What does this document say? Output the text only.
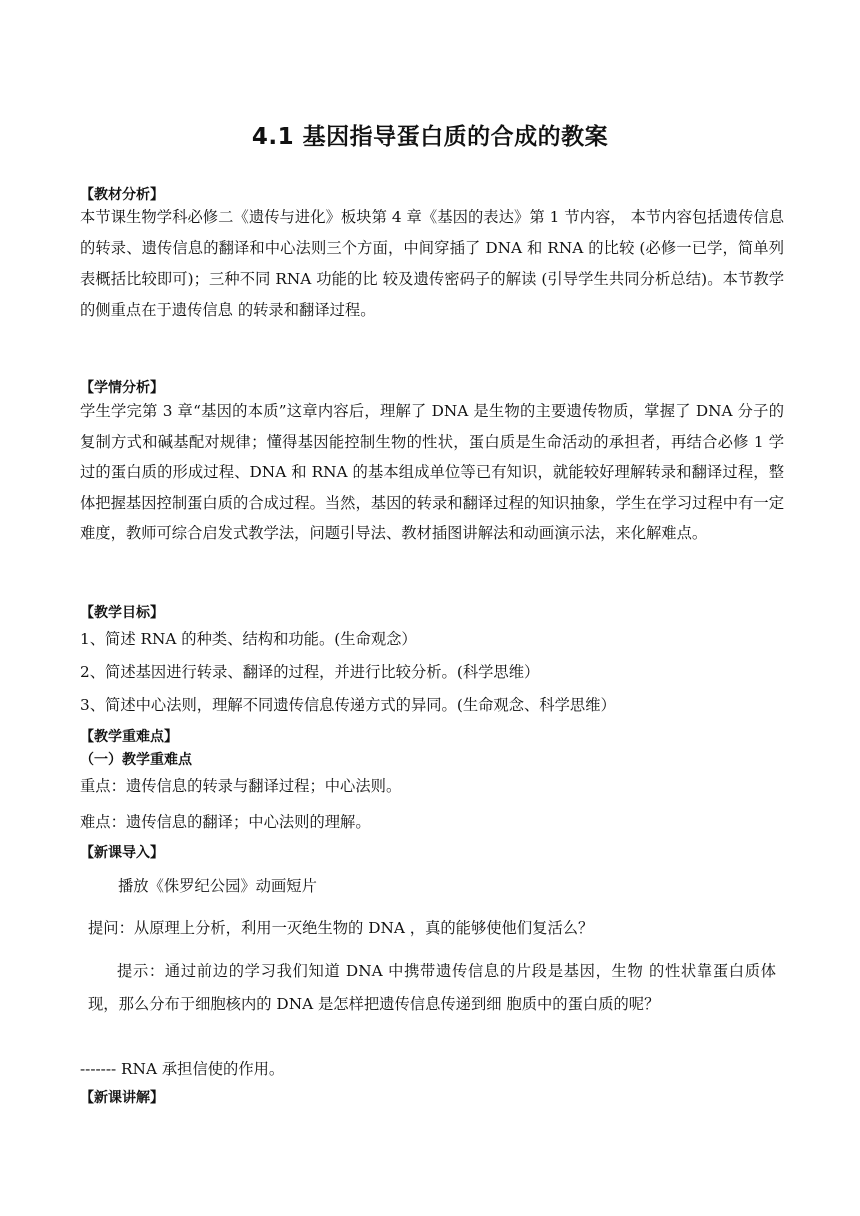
4.1 基因指导蛋白质的合成的教案
【教材分析】
本节课生物学科必修二《遗传与进化》板块第 4 章《基因的表达》第 1 节内容， 本节内容包括遗传信息的转录、遗传信息的翻译和中心法则三个方面，中间穿插了 DNA 和 RNA 的比较 (必修一已学，简单列表概括比较即可)；三种不同 RNA 功能的比 较及遗传密码子的解读 (引导学生共同分析总结)。本节教学的侧重点在于遗传信息 的转录和翻译过程。
【学情分析】
学生学完第 3 章“基因的本质”这章内容后，理解了 DNA 是生物的主要遗传物质，掌握了 DNA 分子的复制方式和碱基配对规律；懂得基因能控制生物的性状，蛋白质是生命活动的承担者，再结合必修 1 学过的蛋白质的形成过程、DNA 和 RNA 的基本组成单位等已有知识，就能较好理解转录和翻译过程，整体把握基因控制蛋白质的合成过程。当然，基因的转录和翻译过程的知识抽象，学生在学习过程中有一定难度，教师可综合启发式教学法，问题引导法、教材插图讲解法和动画演示法，来化解难点。
【教学目标】
1、简述 RNA 的种类、结构和功能。(生命观念）
2、简述基因进行转录、翻译的过程，并进行比较分析。(科学思维）
3、简述中心法则，理解不同遗传信息传递方式的异同。(生命观念、科学思维）
【教学重难点】
（一）教学重难点
重点：遗传信息的转录与翻译过程；中心法则。
难点：遗传信息的翻译；中心法则的理解。
【新课导入】
播放《侏罗纪公园》动画短片
提问：从原理上分析，利用一灭绝生物的 DNA ，真的能够使他们复活么？
提示：通过前边的学习我们知道 DNA 中携带遗传信息的片段是基因，生物 的性状靠蛋白质体现，那么分布于细胞核内的 DNA 是怎样把遗传信息传递到细 胞质中的蛋白质的呢？
------- RNA 承担信使的作用。
【新课讲解】
